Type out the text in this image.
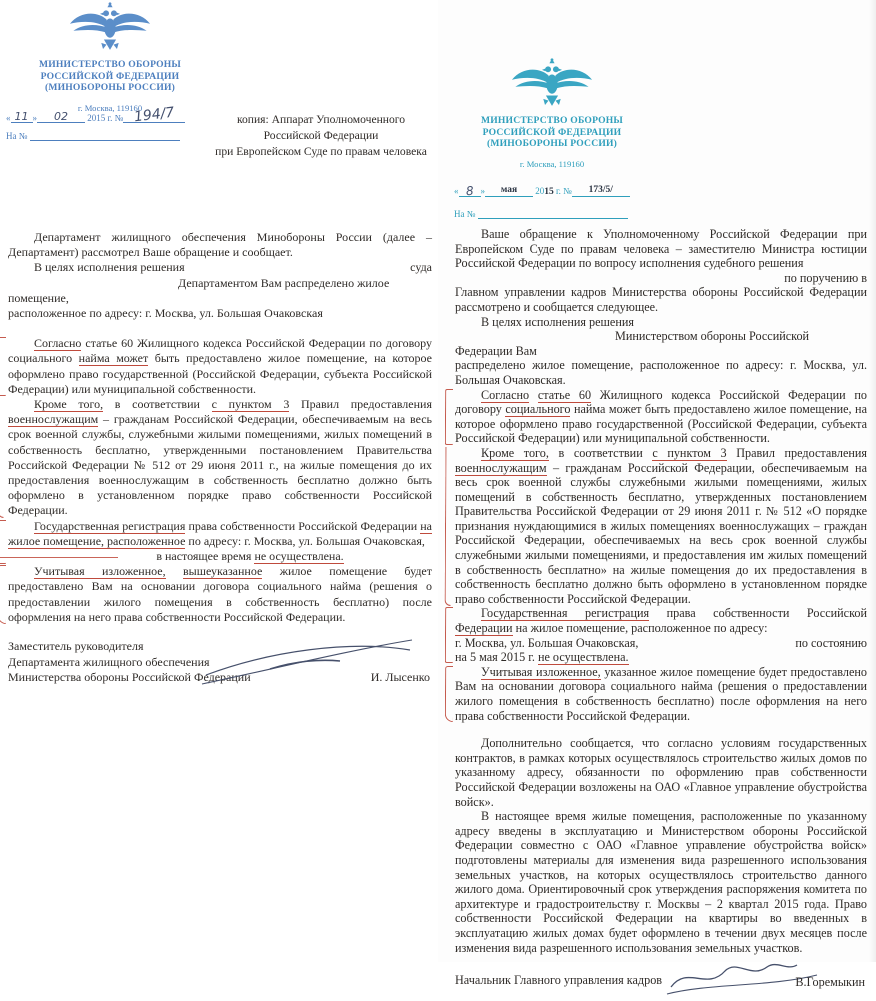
МИНИСТЕРСТВО ОБОРОНЫ
РОССИЙСКОЙ ФЕДЕРАЦИИ
(МИНОБОРОНЫ РОССИИ)
г. Москва, 119160
« 11 » 02 2015 г. № 194/7
На №
копия: Аппарат Уполномоченного
Российской Федерации
при Европейском Суде по правам человека

Департамент жилищного обеспечения Минобороны России (далее – Департамент) рассмотрел Ваше обращение и сообщает.

В целях исполнения решения	суда

Департаментом Вам распределено жилое помещение,

расположенное по адресу: г. Москва, ул. Большая Очаковская

Согласно статье 60 Жилищного кодекса Российской Федерации по договору социального найма может быть предоставлено жилое помещение, на которое оформлено право государственной (Российской Федерации, субъекта Российской Федерации) или муниципальной собственности.

Кроме того, в соответствии с пунктом 3 Правил предоставления военнослужащим – гражданам Российской Федерации, обеспечиваемым на весь срок военной службы, служебными жилыми помещениями, жилых помещений в собственность бесплатно, утвержденными постановлением Правительства Российской Федерации № 512 от 29 июня 2011 г., на жилые помещения до их предоставления военнослужащим в собственность бесплатно должно быть оформлено в установленном порядке право собственности Российской Федерации.

Государственная регистрация права собственности Российской Федерации на жилое помещение, расположенное по адресу: г. Москва, ул. Большая Очаковская,

в настоящее время не осуществлена.

Учитывая изложенное, вышеуказанное жилое помещение будет предоставлено Вам на основании договора социального найма (решения о предоставлении жилого помещения в собственность бесплатно) после оформления на него права собственности Российской Федерации.

Заместитель руководителя
Департамента жилищного обеспечения
Министерства обороны Российской Федерации	И. Лысенко
МИНИСТЕРСТВО ОБОРОНЫ
РОССИЙСКОЙ ФЕДЕРАЦИИ
(МИНОБОРОНЫ РОССИИ)
г. Москва, 119160
« 8 » мая 2015 г. № 173/5/
На №

Ваше обращение к Уполномоченному Российской Федерации при Европейском Суде по правам человека – заместителю Министра юстиции Российской Федерации по вопросу исполнения судебного решения

по поручению в

Главном управлении кадров Министерства обороны Российской Федерации рассмотрено и сообщается следующее.

В целях исполнения решения

Министерством обороны Российской Федерации Вам

распределено жилое помещение, расположенное по адресу: г. Москва, ул. Большая Очаковская.

Согласно статье 60 Жилищного кодекса Российской Федерации по договору социального найма может быть предоставлено жилое помещение, на которое оформлено право государственной (Российской Федерации, субъекта Российской Федерации) или муниципальной собственности.

Кроме того, в соответствии с пунктом 3 Правил предоставления военнослужащим – гражданам Российской Федерации, обеспечиваемым на весь срок военной службы служебными жилыми помещениями, жилых помещений в собственность бесплатно, утвержденных постановлением Правительства Российской Федерации от 29 июня 2011 г. № 512 «О порядке признания нуждающимися в жилых помещениях военнослужащих – граждан Российской Федерации, обеспечиваемых на весь срок военной службы служебными жилыми помещениями, и предоставления им жилых помещений в собственность бесплатно» на жилые помещения до их предоставления в собственность бесплатно должно быть оформлено в установленном порядке право собственности Российской Федерации.

Государственная регистрация права собственности Российской Федерации на жилое помещение, расположенное по адресу:

г. Москва, ул. Большая Очаковская,	по состоянию

на 5 мая 2015 г. не осуществлена.

Учитывая изложенное, указанное жилое помещение будет предоставлено Вам на основании договора социального найма (решения о предоставлении жилого помещения в собственность бесплатно) после оформления на него права собственности Российской Федерации.

Дополнительно сообщается, что согласно условиям государственных контрактов, в рамках которых осуществлялось строительство жилых домов по указанному адресу, обязанности по оформлению прав собственности Российской Федерации возложены на ОАО «Главное управление обустройства войск».

В настоящее время жилые помещения, расположенные по указанному адресу введены в эксплуатацию и Министерством обороны Российской Федерации совместно с ОАО «Главное управление обустройства войск» подготовлены материалы для изменения вида разрешенного использования земельных участков, на которых осуществлялось строительство данного жилого дома. Ориентировочный срок утверждения распоряжения комитета по архитектуре и градостроительству г. Москвы – 2 квартал 2015 года. Право собственности Российской Федерации на квартиры во введенных в эксплуатацию жилых домах будет оформлено в течении двух месяцев после изменения вида разрешенного использования земельных участков.

Начальник Главного управления кадров	В.Горемыкин
